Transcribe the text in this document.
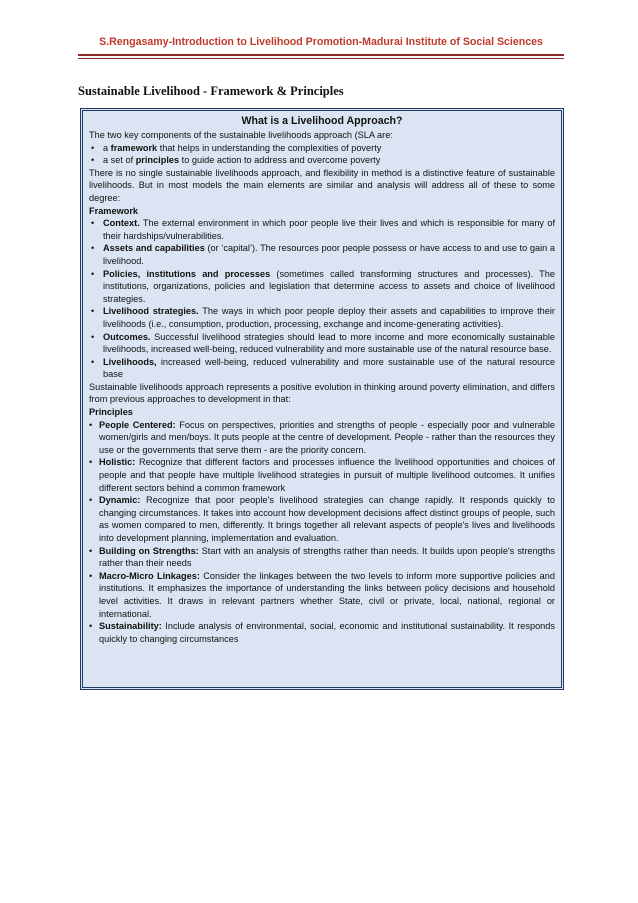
S.Rengasamy-Introduction to Livelihood Promotion-Madurai Institute of Social Sciences
Sustainable Livelihood - Framework & Principles
What is a Livelihood Approach?

The two key components of the sustainable livelihoods approach (SLA are:

• a framework that helps in understanding the complexities of poverty
• a set of principles to guide action to address and overcome poverty

There is no single sustainable livelihoods approach, and flexibility in method is a distinctive feature of sustainable livelihoods. But in most models the main elements are similar and analysis will address all of these to some degree:

Framework
• Context. The external environment in which poor people live their lives and which is responsible for many of their hardships/vulnerabilities.
• Assets and capabilities (or ‘capital’). The resources poor people possess or have access to and use to gain a livelihood.
• Policies, institutions and processes (sometimes called transforming structures and processes). The institutions, organizations, policies and legislation that determine access to assets and choice of livelihood strategies.
• Livelihood strategies. The ways in which poor people deploy their assets and capabilities to improve their livelihoods (i.e., consumption, production, processing, exchange and income-generating activities).
• Outcomes. Successful livelihood strategies should lead to more income and more economically sustainable livelihoods, increased well-being, reduced vulnerability and more sustainable use of the natural resource base.
• Livelihoods, increased well-being, reduced vulnerability and more sustainable use of the natural resource base

Sustainable livelihoods approach represents a positive evolution in thinking around poverty elimination, and differs from previous approaches to development in that:

Principles
• People Centered: Focus on perspectives, priorities and strengths of people - especially poor and vulnerable women/girls and men/boys. It puts people at the centre of development. People - rather than the resources they use or the governments that serve them - are the priority concern.
• Holistic: Recognize that different factors and processes influence the livelihood opportunities and choices of people and that people have multiple livelihood strategies in pursuit of multiple livelihood outcomes. It unifies different sectors behind a common framework
• Dynamic: Recognize that poor people’s livelihood strategies can change rapidly. It responds quickly to changing circumstances. It takes into account how development decisions affect distinct groups of people, such as women compared to men, differently. It brings together all relevant aspects of people's lives and livelihoods into development planning, implementation and evaluation.
• Building on Strengths: Start with an analysis of strengths rather than needs. It builds upon people's strengths rather than their needs
• Macro-Micro Linkages: Consider the linkages between the two levels to inform more supportive policies and institutions. It emphasizes the importance of understanding the links between policy decisions and household level activities. It draws in relevant partners whether State, civil or private, local, national, regional or international.
• Sustainability: Include analysis of environmental, social, economic and institutional sustainability. It responds quickly to changing circumstances
